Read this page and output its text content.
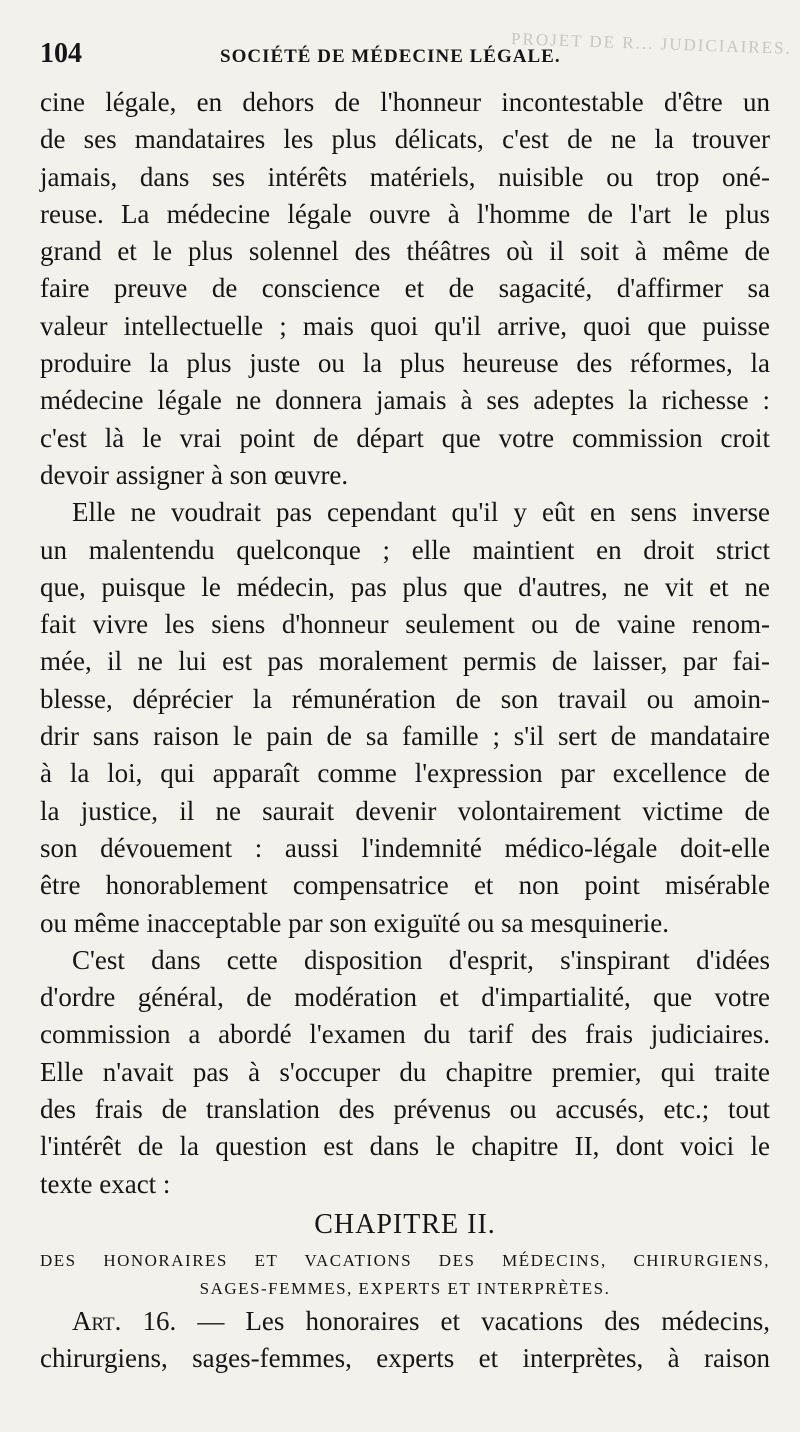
PROJET DE R... JUDICIAIRES.
104	SOCIÉTÉ DE MÉDECINE LÉGALE.
cine légale, en dehors de l'honneur incontestable d'être un
de ses mandataires les plus délicats, c'est de ne la trouver
jamais, dans ses intérêts matériels, nuisible ou trop oné-
reuse. La médecine légale ouvre à l'homme de l'art le plus
grand et le plus solennel des théâtres où il soit à même de
faire preuve de conscience et de sagacité, d'affirmer sa
valeur intellectuelle ; mais quoi qu'il arrive, quoi que puisse
produire la plus juste ou la plus heureuse des réformes, la
médecine légale ne donnera jamais à ses adeptes la richesse :
c'est là le vrai point de départ que votre commission croit
devoir assigner à son œuvre.
Elle ne voudrait pas cependant qu'il y eût en sens inverse
un malentendu quelconque ; elle maintient en droit strict
que, puisque le médecin, pas plus que d'autres, ne vit et ne
fait vivre les siens d'honneur seulement ou de vaine renom-
mée, il ne lui est pas moralement permis de laisser, par fai-
blesse, déprécier la rémunération de son travail ou amoin-
drir sans raison le pain de sa famille ; s'il sert de mandataire
à la loi, qui apparaît comme l'expression par excellence de
la justice, il ne saurait devenir volontairement victime de
son dévouement : aussi l'indemnité médico-légale doit-elle
être honorablement compensatrice et non point misérable
ou même inacceptable par son exiguïté ou sa mesquinerie.
C'est dans cette disposition d'esprit, s'inspirant d'idées
d'ordre général, de modération et d'impartialité, que votre
commission a abordé l'examen du tarif des frais judiciaires.
Elle n'avait pas à s'occuper du chapitre premier, qui traite
des frais de translation des prévenus ou accusés, etc.; tout
l'intérêt de la question est dans le chapitre II, dont voici le
texte exact :
CHAPITRE II.
DES HONORAIRES ET VACATIONS DES MÉDECINS, CHIRURGIENS,
SAGES-FEMMES, EXPERTS ET INTERPRÈTES.
Art. 16. — Les honoraires et vacations des médecins,
chirurgiens, sages-femmes, experts et interprètes, à raison
